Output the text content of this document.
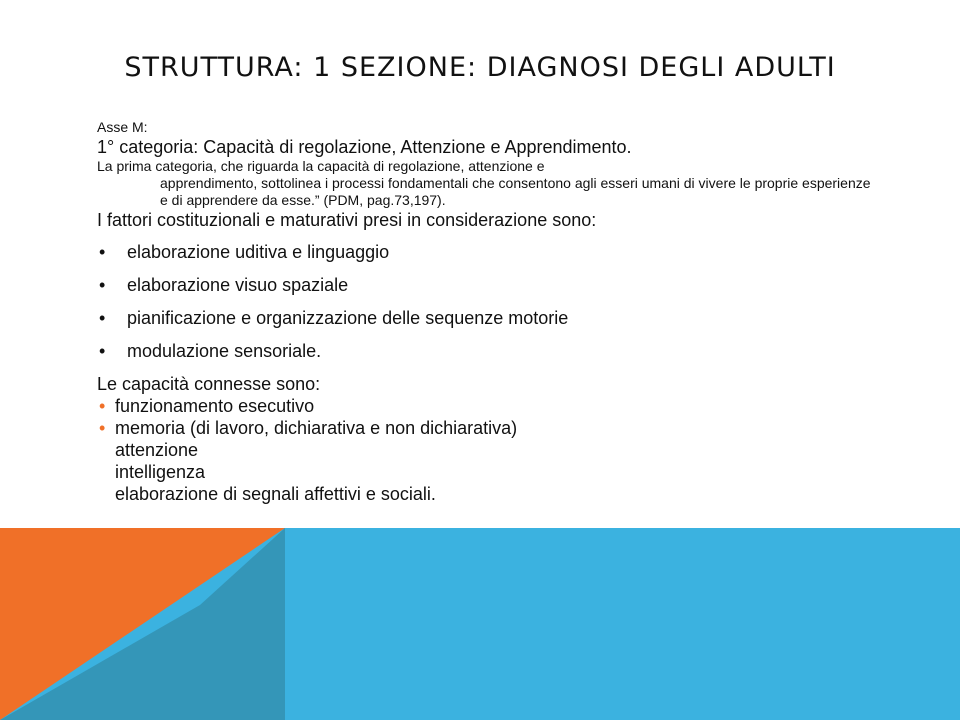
STRUTTURA: 1 SEZIONE: DIAGNOSI DEGLI ADULTI

Asse M:

1° categoria: Capacità di regolazione, Attenzione e Apprendimento.

La prima categoria, che riguarda la capacità di regolazione, attenzione e
apprendimento, sottolinea i processi fondamentali che consentono agli esseri umani di vivere le proprie esperienze e di apprendere da esse.” (PDM, pag.73,197).

I fattori costituzionali e maturativi presi in considerazione sono:

• elaborazione uditiva e linguaggio
• elaborazione visuo spaziale
• pianificazione e organizzazione delle sequenze motorie
• modulazione sensoriale.

Le capacità connesse sono:

• funzionamento esecutivo
• memoria (di lavoro, dichiarativa e non dichiarativa)
attenzione
intelligenza
elaborazione di segnali affettivi e sociali.
